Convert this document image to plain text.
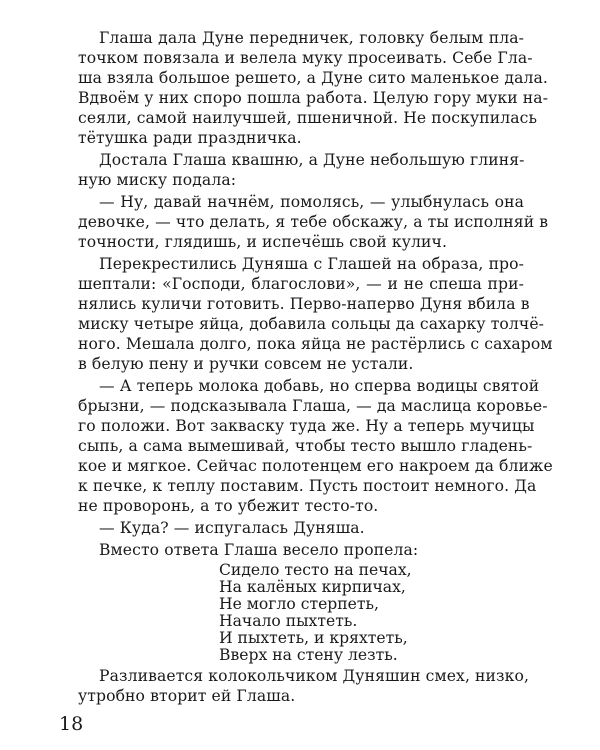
Глаша дала Дуне передничек, головку белым пла-
точком повязала и велела муку просеивать. Себе Гла-
ша взяла большое решето, а Дуне сито маленькое дала.
Вдвоём у них споро пошла работа. Целую гору муки на-
сеяли, самой наилучшей, пшеничной. Не поскупилась
тётушка ради праздничка.
Достала Глаша квашню, а Дуне небольшую глиня-
ную миску подала:
— Ну, давай начнём, помолясь, — улыбнулась она
девочке, — что делать, я тебе обскажу, а ты исполняй в
точности, глядишь, и испечёшь свой кулич.
Перекрестились Дуняша с Глашей на образа, про-
шептали: «Господи, благослови», — и не спеша при-
нялись куличи готовить. Перво-наперво Дуня вбила в
миску четыре яйца, добавила сольцы да сахарку толчё-
ного. Мешала долго, пока яйца не растёрлись с сахаром
в белую пену и ручки совсем не устали.
— А теперь молока добавь, но сперва водицы святой
брызни, — подсказывала Глаша, — да маслица коровье-
го положи. Вот закваску туда же. Ну а теперь мучицы
сыпь, а сама вымешивай, чтобы тесто вышло гладень-
кое и мягкое. Сейчас полотенцем его накроем да ближе
к печке, к теплу поставим. Пусть постоит немного. Да
не проворонь, а то убежит тесто-то.
— Куда? — испугалась Дуняша.
Вместо ответа Глаша весело пропела:
Сидело тесто на печах,
На калёных кирпичах,
Не могло стерпеть,
Начало пыхтеть.
И пыхтеть, и кряхтеть,
Вверх на стену лезть.
Разливается колокольчиком Дуняшин смех, низко,
утробно вторит ей Глаша.
18
